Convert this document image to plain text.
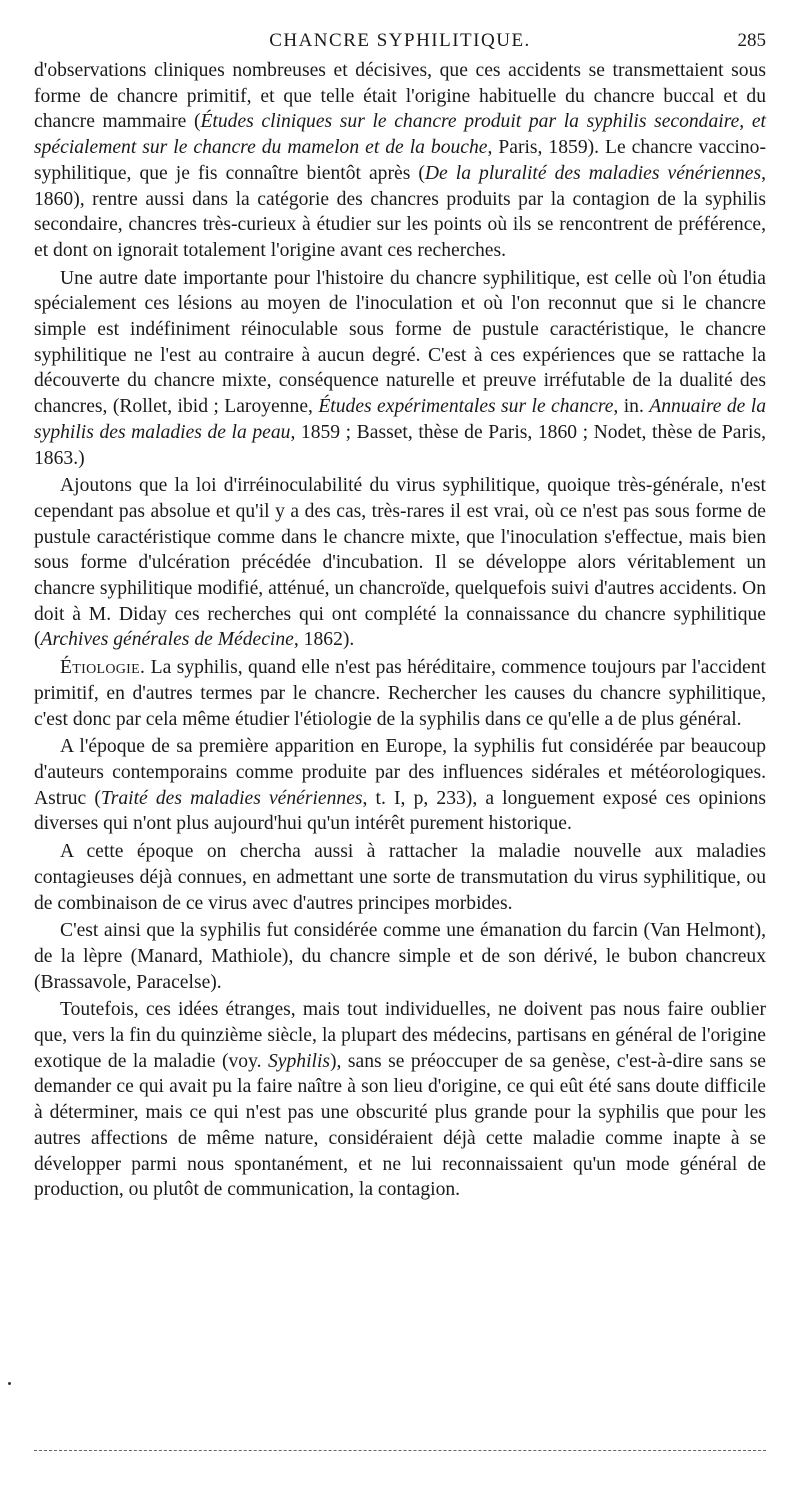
CHANCRE SYPHILITIQUE.	285

d'observations cliniques nombreuses et décisives, que ces accidents se transmettaient sous forme de chancre primitif, et que telle était l'origine habituelle du chancre buccal et du chancre mammaire (Études cliniques sur le chancre produit par la syphilis secondaire, et spécialement sur le chancre du mamelon et de la bouche, Paris, 1859). Le chancre vaccino-syphilitique, que je fis connaître bientôt après (De la pluralité des maladies vénériennes, 1860), rentre aussi dans la catégorie des chancres produits par la contagion de la syphilis secondaire, chancres très-curieux à étudier sur les points où ils se rencontrent de préférence, et dont on ignorait totalement l'origine avant ces recherches.

Une autre date importante pour l'histoire du chancre syphilitique, est celle où l'on étudia spécialement ces lésions au moyen de l'inoculation et où l'on reconnut que si le chancre simple est indéfiniment réinoculable sous forme de pustule caractéristique, le chancre syphilitique ne l'est au contraire à aucun degré. C'est à ces expériences que se rattache la découverte du chancre mixte, conséquence naturelle et preuve irréfutable de la dualité des chancres, (Rollet, ibid ; Laroyenne, Études expérimentales sur le chancre, in. Annuaire de la syphilis des maladies de la peau, 1859 ; Basset, thèse de Paris, 1860 ; Nodet, thèse de Paris, 1863.)

Ajoutons que la loi d'irréinoculabilité du virus syphilitique, quoique très-générale, n'est cependant pas absolue et qu'il y a des cas, très-rares il est vrai, où ce n'est pas sous forme de pustule caractéristique comme dans le chancre mixte, que l'inoculation s'effectue, mais bien sous forme d'ulcération précédée d'incubation. Il se développe alors véritablement un chancre syphilitique modifié, atténué, un chancroïde, quelquefois suivi d'autres accidents. On doit à M. Diday ces recherches qui ont complété la connaissance du chancre syphilitique (Archives générales de Médecine, 1862).

Étiologie. La syphilis, quand elle n'est pas héréditaire, commence toujours par l'accident primitif, en d'autres termes par le chancre. Rechercher les causes du chancre syphilitique, c'est donc par cela même étudier l'étiologie de la syphilis dans ce qu'elle a de plus général.

A l'époque de sa première apparition en Europe, la syphilis fut considérée par beaucoup d'auteurs contemporains comme produite par des influences sidérales et météorologiques. Astruc (Traité des maladies vénériennes, t. I, p, 233), a longuement exposé ces opinions diverses qui n'ont plus aujourd'hui qu'un intérêt purement historique.

A cette époque on chercha aussi à rattacher la maladie nouvelle aux maladies contagieuses déjà connues, en admettant une sorte de transmutation du virus syphilitique, ou de combinaison de ce virus avec d'autres principes morbides.

C'est ainsi que la syphilis fut considérée comme une émanation du farcin (Van Helmont), de la lèpre (Manard, Mathiole), du chancre simple et de son dérivé, le bubon chancreux (Brassavole, Paracelse).

Toutefois, ces idées étranges, mais tout individuelles, ne doivent pas nous faire oublier que, vers la fin du quinzième siècle, la plupart des médecins, partisans en général de l'origine exotique de la maladie (voy. Syphilis), sans se préoccuper de sa genèse, c'est-à-dire sans se demander ce qui avait pu la faire naître à son lieu d'origine, ce qui eût été sans doute difficile à déterminer, mais ce qui n'est pas une obscurité plus grande pour la syphilis que pour les autres affections de même nature, considéraient déjà cette maladie comme inapte à se développer parmi nous spontanément, et ne lui reconnaissaient qu'un mode général de production, ou plutôt de communication, la contagion.
